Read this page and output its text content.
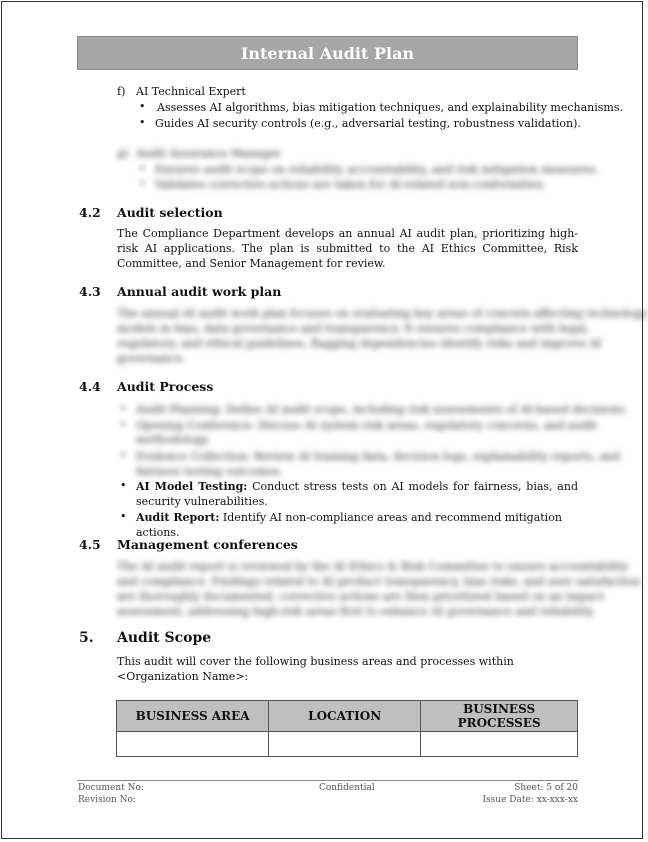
Internal Audit Plan
f) AI Technical Expert
• Assesses AI algorithms, bias mitigation techniques, and explainability mechanisms.
• Guides AI security controls (e.g., adversarial testing, robustness validation).
g) Audit Assurance Manager
• Ensures audit scope on reliability, accountability, and risk mitigation measures.
• Validates corrective actions are taken for AI-related non-conformities.
4.2 Audit selection
The Compliance Department develops an annual AI audit plan, prioritizing high-risk AI applications. The plan is submitted to the AI Ethics Committee, Risk Committee, and Senior Management for review.
4.3 Annual audit work plan
The annual AI audit work plan focuses on evaluating key areas of concern affecting technology
models in bias, data governance and transparency. It ensures compliance with legal,
regulatory, and ethical guidelines, flagging dependencies identify risks and improve AI
governance.
4.4 Audit Process
• Audit Planning: Define AI audit scope, including risk assessments of AI-based decisions.
• Opening Conference: Discuss AI system risk areas, regulatory concerns, and audit
methodology.
• Evidence Collection: Review AI training data, decision logs, explainability reports, and
fairness testing outcomes.
• AI Model Testing: Conduct stress tests on AI models for fairness, bias, and security vulnerabilities.
• Audit Report: Identify AI non-compliance areas and recommend mitigation actions.
4.5 Management conferences
The AI audit report is reviewed by the AI Ethics & Risk Committee to ensure accountability
and compliance. Findings related to AI product transparency, bias risks, and user satisfaction
are thoroughly documented, corrective actions are then prioritized based on an impact
assessment, addressing high-risk areas first to enhance AI governance and reliability.
5. Audit Scope
This audit will cover the following business areas and processes within <Organization Name>:
BUSINESS AREA	LOCATION	BUSINESS PROCESSES

Document No:
Revision No:
Confidential	Sheet: 5 of 20
Issue Date: xx-xxx-xx
